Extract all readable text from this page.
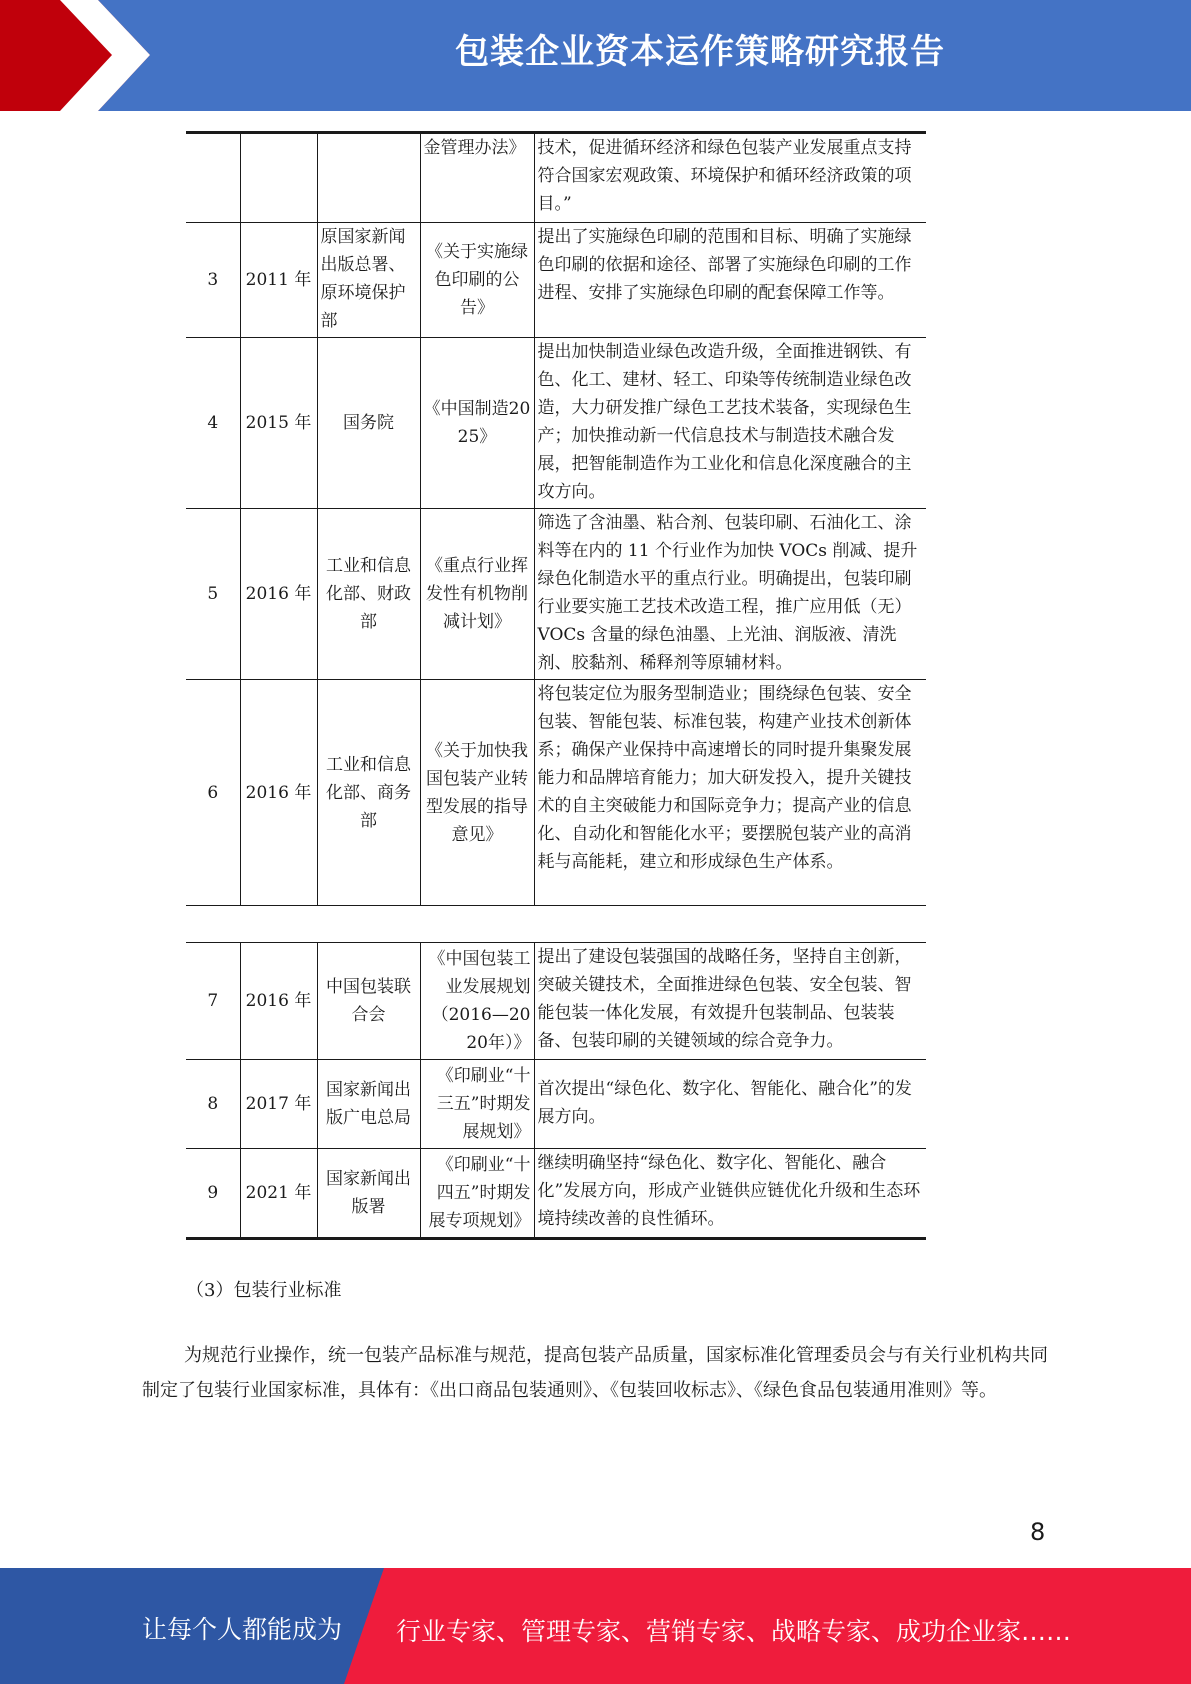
包装企业资本运作策略研究报告
			金管理办法》	技术，促进循环经济和绿色包装产业发展重点支持符合国家宏观政策、环境保护和循环经济政策的项目。”
3	2011 年	原国家新闻出版总署、原环境保护部	《关于实施绿色印刷的公告》	提出了实施绿色印刷的范围和目标、明确了实施绿色印刷的依据和途径、部署了实施绿色印刷的工作进程、安排了实施绿色印刷的配套保障工作等。
4	2015 年	国务院	《中国制造2025》	提出加快制造业绿色改造升级，全面推进钢铁、有色、化工、建材、轻工、印染等传统制造业绿色改造，大力研发推广绿色工艺技术装备，实现绿色生产；加快推动新一代信息技术与制造技术融合发展，把智能制造作为工业化和信息化深度融合的主攻方向。
5	2016 年	工业和信息化部、财政部	《重点行业挥发性有机物削减计划》	筛选了含油墨、粘合剂、包装印刷、石油化工、涂料等在内的 11 个行业作为加快 VOCs 削减、提升绿色化制造水平的重点行业。明确提出，包装印刷行业要实施工艺技术改造工程，推广应用低（无）VOCs 含量的绿色油墨、上光油、润版液、清洗剂、胶黏剂、稀释剂等原辅材料。
6	2016 年	工业和信息化部、商务部	《关于加快我国包装产业转型发展的指导意见》	将包装定位为服务型制造业；围绕绿色包装、安全包装、智能包装、标准包装，构建产业技术创新体系；确保产业保持中高速增长的同时提升集聚发展能力和品牌培育能力；加大研发投入，提升关键技术的自主突破能力和国际竞争力；提高产业的信息化、自动化和智能化水平；要摆脱包装产业的高消耗与高能耗，建立和形成绿色生产体系。
7	2016 年	中国包装联合会	《中国包装工业发展规划（2016—2020年）》	提出了建设包装强国的战略任务，坚持自主创新，突破关键技术，全面推进绿色包装、安全包装、智能包装一体化发展，有效提升包装制品、包装装备、包装印刷的关键领域的综合竞争力。
8	2017 年	国家新闻出版广电总局	《印刷业“十三五”时期发展规划》	首次提出“绿色化、数字化、智能化、融合化”的发展方向。
9	2021 年	国家新闻出版署	《印刷业“十四五”时期发展专项规划》	继续明确坚持“绿色化、数字化、智能化、融合化”发展方向，形成产业链供应链优化升级和生态环境持续改善的良性循环。
（3）包装行业标准
为规范行业操作，统一包装产品标准与规范，提高包装产品质量，国家标准化管理委员会与有关行业机构共同制定了包装行业国家标准，具体有：《出口商品包装通则》、《包装回收标志》、《绿色食品包装通用准则》等。
8
让每个人都能成为 行业专家、管理专家、营销专家、战略专家、成功企业家……
